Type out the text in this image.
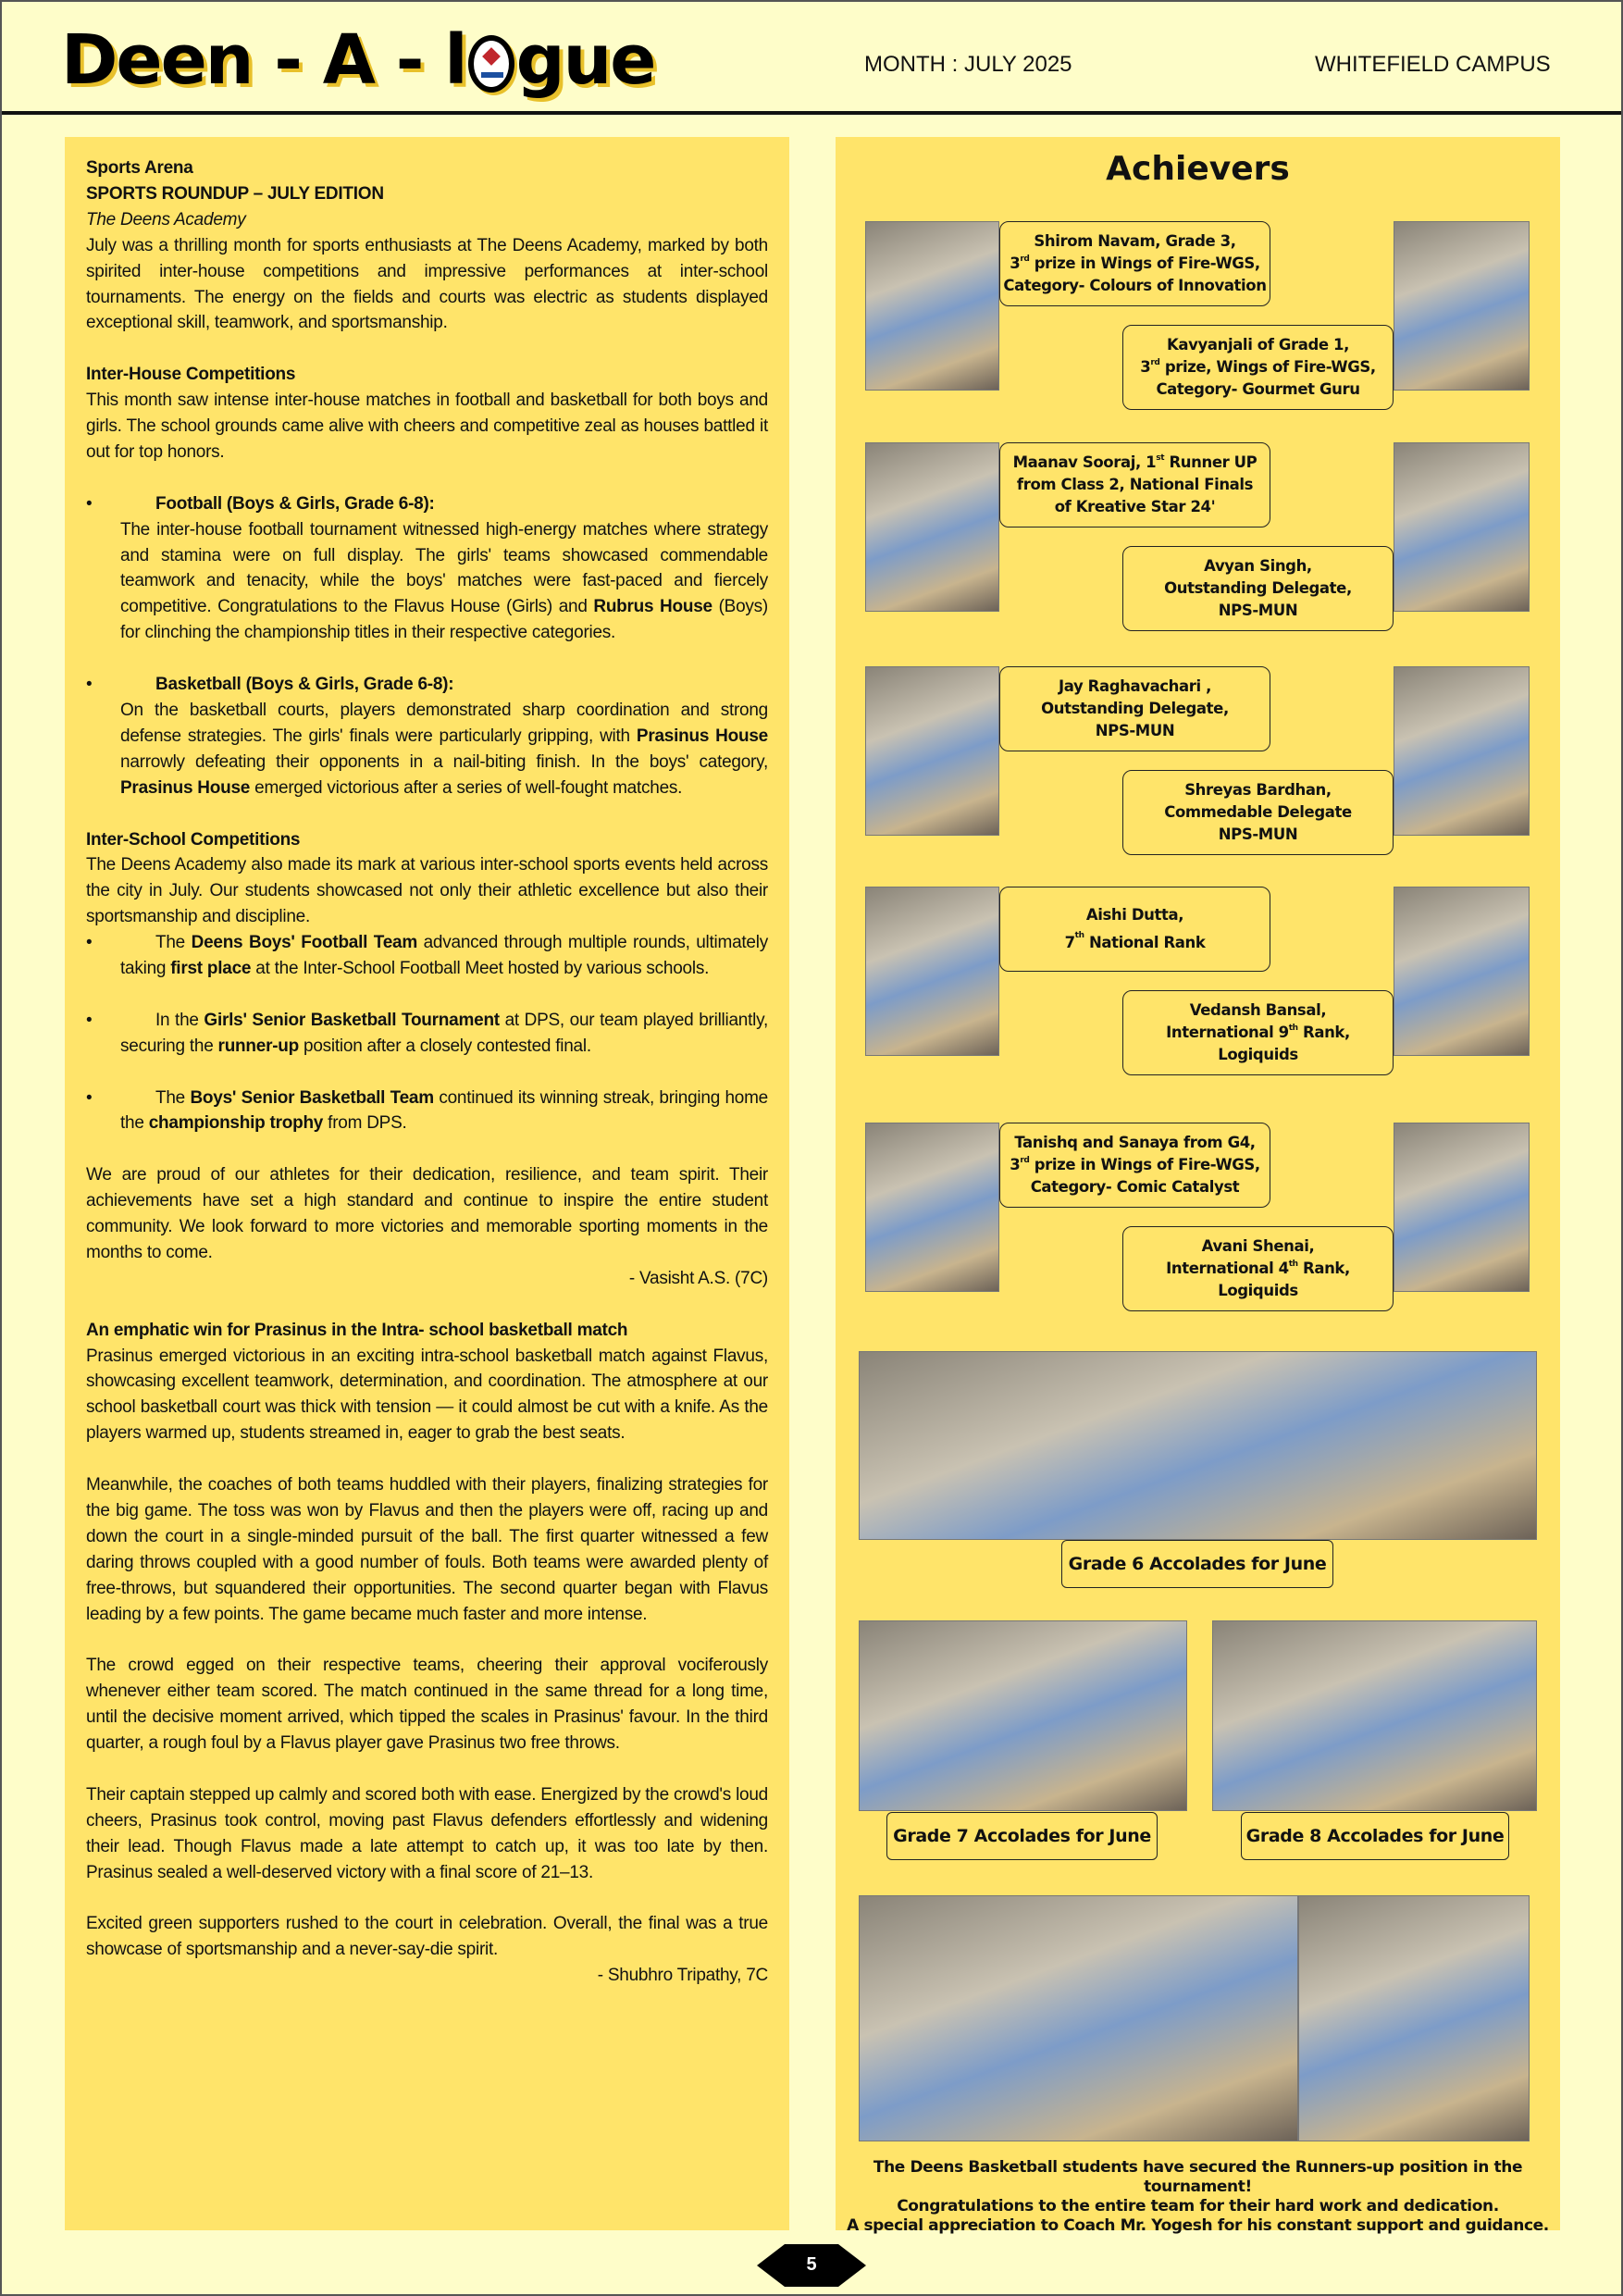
Deen - A - l gue	MONTH : JULY 2025	WHITEFIELD CAMPUS

Sports Arena

SPORTS ROUNDUP – JULY EDITION

The Deens Academy

July was a thrilling month for sports enthusiasts at The Deens Academy, marked by both spirited inter-house competitions and impressive performances at inter-school tournaments. The energy on the fields and courts was electric as students displayed exceptional skill, teamwork, and sportsmanship.

Inter-House Competitions

This month saw intense inter-house matches in football and basketball for both boys and girls. The school grounds came alive with cheers and competitive zeal as houses battled it out for top honors.

•	Football (Boys & Girls, Grade 6-8):

The inter-house football tournament witnessed high-energy matches where strategy and stamina were on full display. The girls' teams showcased commendable teamwork and tenacity, while the boys' matches were fast-paced and fiercely competitive. Congratulations to the Flavus House (Girls) and Rubrus House (Boys) for clinching the championship titles in their respective categories.

•	Basketball (Boys & Girls, Grade 6-8):

On the basketball courts, players demonstrated sharp coordination and strong defense strategies. The girls' finals were particularly gripping, with Prasinus House narrowly defeating their opponents in a nail-biting finish. In the boys' category, Prasinus House emerged victorious after a series of well-fought matches.

Inter-School Competitions

The Deens Academy also made its mark at various inter-school sports events held across the city in July. Our students showcased not only their athletic excellence but also their sportsmanship and discipline.

•	The Deens Boys' Football Team advanced through multiple rounds, ultimately taking first place at the Inter-School Football Meet hosted by various schools.

•	In the Girls' Senior Basketball Tournament at DPS, our team played brilliantly, securing the runner-up position after a closely contested final.

•	The Boys' Senior Basketball Team continued its winning streak, bringing home the championship trophy from DPS.

We are proud of our athletes for their dedication, resilience, and team spirit. Their achievements have set a high standard and continue to inspire the entire student community. We look forward to more victories and memorable sporting moments in the months to come.

- Vasisht A.S. (7C)

An emphatic win for Prasinus in the Intra- school basketball match

Prasinus emerged victorious in an exciting intra-school basketball match against Flavus, showcasing excellent teamwork, determination, and coordination. The atmosphere at our school basketball court was thick with tension — it could almost be cut with a knife. As the players warmed up, students streamed in, eager to grab the best seats.

Meanwhile, the coaches of both teams huddled with their players, finalizing strategies for the big game. The toss was won by Flavus and then the players were off, racing up and down the court in a single-minded pursuit of the ball. The first quarter witnessed a few daring throws coupled with a good number of fouls. Both teams were awarded plenty of free-throws, but squandered their opportunities. The second quarter began with Flavus leading by a few points. The game became much faster and more intense.

The crowd egged on their respective teams, cheering their approval vociferously whenever either team scored. The match continued in the same thread for a long time, until the decisive moment arrived, which tipped the scales in Prasinus' favour. In the third quarter, a rough foul by a Flavus player gave Prasinus two free throws.

Their captain stepped up calmly and scored both with ease. Energized by the crowd's loud cheers, Prasinus took control, moving past Flavus defenders effortlessly and widening their lead. Though Flavus made a late attempt to catch up, it was too late by then. Prasinus sealed a well-deserved victory with a final score of 21–13.

Excited green supporters rushed to the court in celebration. Overall, the final was a true showcase of sportsmanship and a never-say-die spirit.

- Shubhro Tripathy, 7C

Achievers
Shirom Navam, Grade 3,
3rd prize in Wings of Fire-WGS,
Category- Colours of Innovation
Kavyanjali of Grade 1,
3rd prize, Wings of Fire-WGS,
Category- Gourmet Guru
Maanav Sooraj, 1st Runner UP
from Class 2, National Finals
of Kreative Star 24'
Avyan Singh,
Outstanding Delegate,
NPS-MUN
Jay Raghavachari ,
Outstanding Delegate,
NPS-MUN
Shreyas Bardhan,
Commedable Delegate
NPS-MUN
Aishi Dutta,
7th National Rank
Vedansh Bansal,
International 9th Rank,
Logiquids
Tanishq and Sanaya from G4,
3rd prize in Wings of Fire-WGS,
Category- Comic Catalyst
Avani Shenai,
International 4th Rank,
Logiquids
Grade 6 Accolades for June
Grade 7 Accolades for June	Grade 8 Accolades for June
The Deens Basketball students have secured the Runners-up position in the tournament!
Congratulations to the entire team for their hard work and dedication.
A special appreciation to Coach Mr. Yogesh for his constant support and guidance.
5
